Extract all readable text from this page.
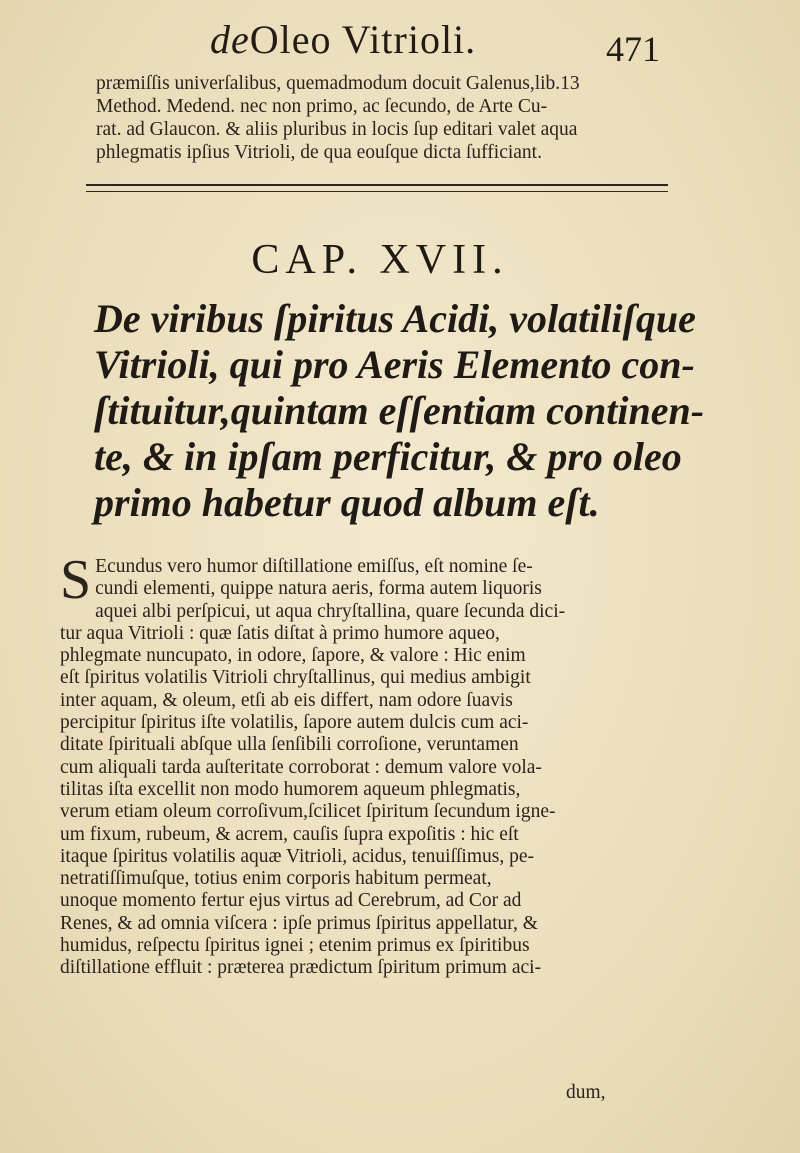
deOleo Vitrioli.	471
præmiſſis univerſalibus, quemadmodum docuit Galenus,lib.13
Method. Medend. nec non primo, ac ſecundo, de Arte Cu-
rat. ad Glaucon. & aliis pluribus in locis ſup editari valet aqua
phlegmatis ipſius Vitrioli, de qua eouſque dicta ſufficiant.
CAP. XVII.
De viribus ſpiritus Acidi, volatiliſque
Vitrioli, qui pro Aeris Elemento con-
ſtituitur,quintam eſſentiam continen-
te, & in ipſam perficitur, & pro oleo
primo habetur quod album eſt.
S Ecundus vero humor diſtillatione emiſſus, eſt nomine ſe-
cundi elementi, quippe natura aeris, forma autem liquoris
aquei albi perſpicui, ut aqua chryſtallina, quare ſecunda dici-
tur aqua Vitrioli : quæ ſatis diſtat à primo humore aqueo,
phlegmate nuncupato, in odore, ſapore, & valore : Hic enim
eſt ſpiritus volatilis Vitrioli chryſtallinus, qui medius ambigit
inter aquam, & oleum, etſi ab eis differt, nam odore ſuavis
percipitur ſpiritus iſte volatilis, ſapore autem dulcis cum aci-
ditate ſpirituali abſque ulla ſenſibili corroſione, veruntamen
cum aliquali tarda auſteritate corroborat : demum valore vola-
tilitas iſta excellit non modo humorem aqueum phlegmatis,
verum etiam oleum corroſivum,ſcilicet ſpiritum ſecundum igne-
um fixum, rubeum, & acrem, cauſis ſupra expoſitis : hic eſt
itaque ſpiritus volatilis aquæ Vitrioli, acidus, tenuiſſimus, pe-
netratiſſimuſque, totius enim corporis habitum permeat,
unoque momento fertur ejus virtus ad Cerebrum, ad Cor ad
Renes, & ad omnia viſcera : ipſe primus ſpiritus appellatur, &
humidus, reſpectu ſpiritus ignei ; etenim primus ex ſpiritibus
diſtillatione effluit : præterea prædictum ſpiritum primum aci-
dum,
